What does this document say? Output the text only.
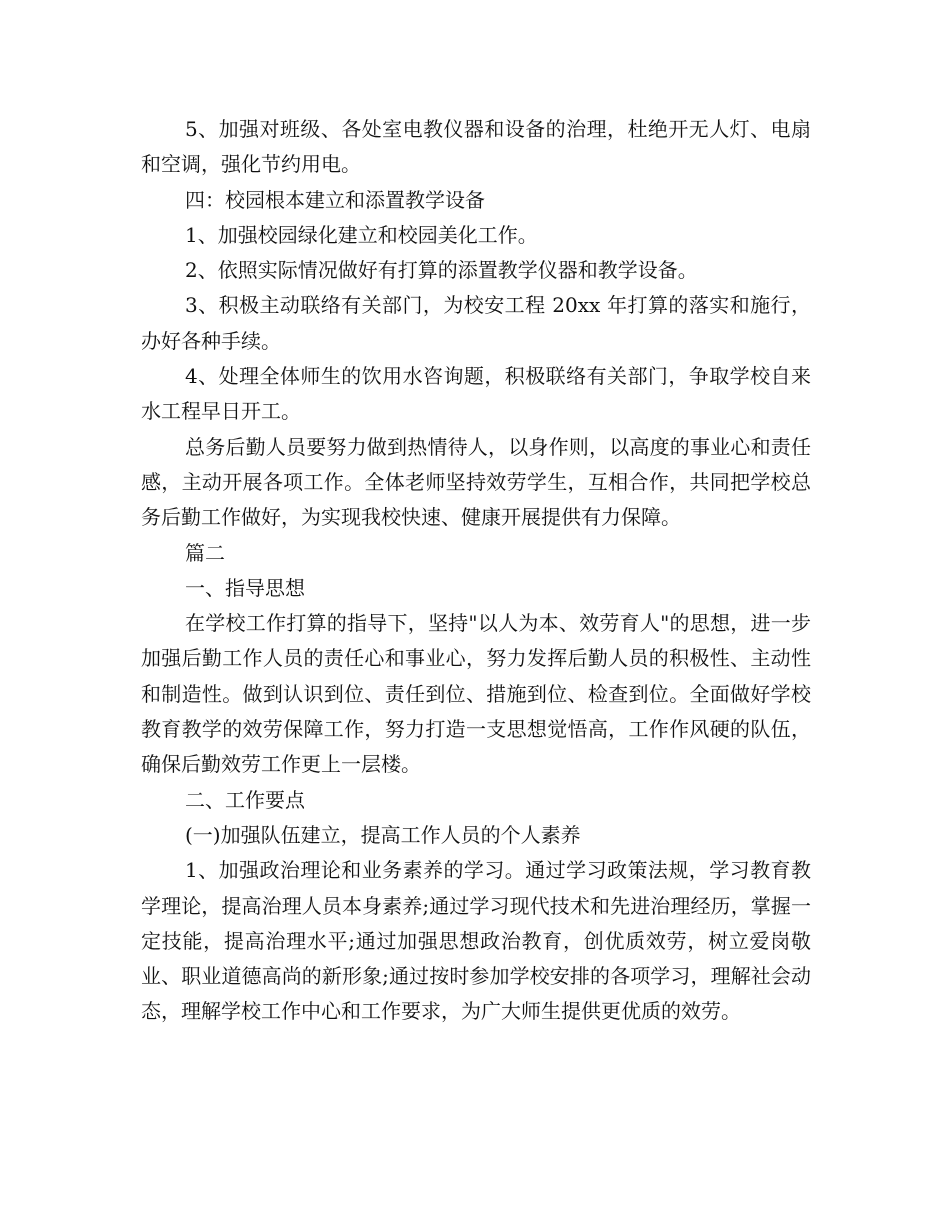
5、加强对班级、各处室电教仪器和设备的治理，杜绝开无人灯、电扇和空调，强化节约用电。

四：校园根本建立和添置教学设备

1、加强校园绿化建立和校园美化工作。

2、依照实际情况做好有打算的添置教学仪器和教学设备。

3、积极主动联络有关部门，为校安工程 20xx 年打算的落实和施行，办好各种手续。

4、处理全体师生的饮用水咨询题，积极联络有关部门，争取学校自来水工程早日开工。

总务后勤人员要努力做到热情待人，以身作则，以高度的事业心和责任感，主动开展各项工作。全体老师坚持效劳学生，互相合作，共同把学校总务后勤工作做好，为实现我校快速、健康开展提供有力保障。

篇二

一、指导思想

在学校工作打算的指导下，坚持"以人为本、效劳育人"的思想，进一步加强后勤工作人员的责任心和事业心，努力发挥后勤人员的积极性、主动性和制造性。做到认识到位、责任到位、措施到位、检查到位。全面做好学校教育教学的效劳保障工作，努力打造一支思想觉悟高，工作作风硬的队伍，确保后勤效劳工作更上一层楼。

二、工作要点

(一)加强队伍建立，提高工作人员的个人素养

1、加强政治理论和业务素养的学习。通过学习政策法规，学习教育教学理论，提高治理人员本身素养;通过学习现代技术和先进治理经历，掌握一定技能，提高治理水平;通过加强思想政治教育，创优质效劳，树立爱岗敬业、职业道德高尚的新形象;通过按时参加学校安排的各项学习，理解社会动态，理解学校工作中心和工作要求，为广大师生提供更优质的效劳。
